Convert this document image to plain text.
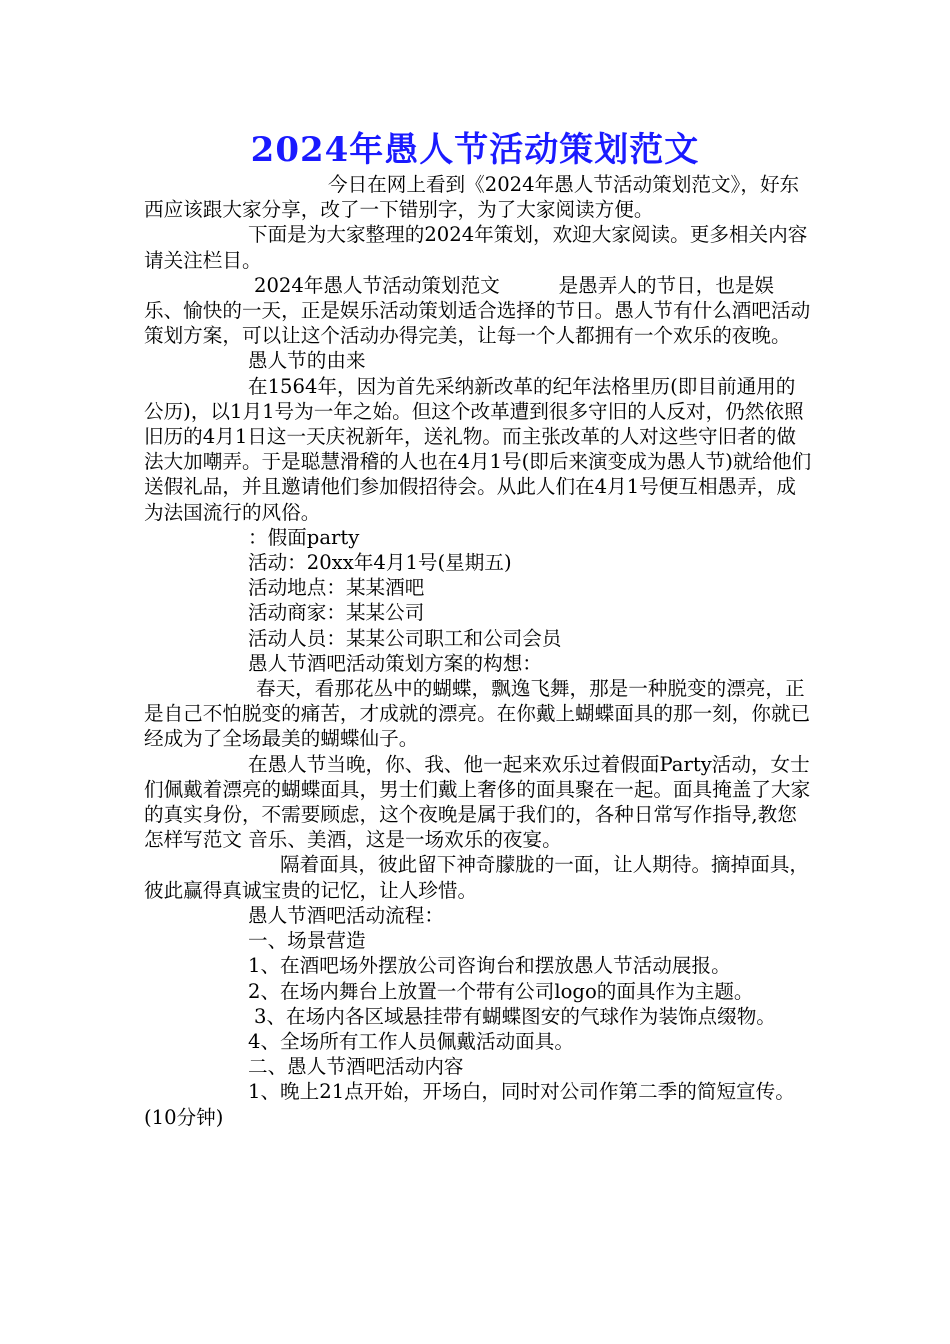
2024年愚人节活动策划范文

今日在网上看到《2024年愚人节活动策划范文》，好东西应该跟大家分享，改了一下错别字，为了大家阅读方便。

下面是为大家整理的2024年策划，欢迎大家阅读。更多相关内容请关注栏目。

2024年愚人节活动策划范文　　　是愚弄人的节日，也是娱乐、愉快的一天，正是娱乐活动策划适合选择的节日。愚人节有什么酒吧活动策划方案，可以让这个活动办得完美，让每一个人都拥有一个欢乐的夜晚。

愚人节的由来

在1564年，因为首先采纳新改革的纪年法格里历(即目前通用的公历)，以1月1号为一年之始。但这个改革遭到很多守旧的人反对，仍然依照旧历的4月1日这一天庆祝新年，送礼物。而主张改革的人对这些守旧者的做法大加嘲弄。于是聪慧滑稽的人也在4月1号(即后来演变成为愚人节)就给他们送假礼品，并且邀请他们参加假招待会。从此人们在4月1号便互相愚弄，成为法国流行的风俗。

：假面party

活动：20xx年4月1号(星期五)

活动地点：某某酒吧

活动商家：某某公司

活动人员：某某公司职工和公司会员

愚人节酒吧活动策划方案的构想：

春天，看那花丛中的蝴蝶，飘逸飞舞，那是一种脱变的漂亮，正是自己不怕脱变的痛苦，才成就的漂亮。在你戴上蝴蝶面具的那一刻，你就已经成为了全场最美的蝴蝶仙子。

在愚人节当晚，你、我、他一起来欢乐过着假面Party活动，女士们佩戴着漂亮的蝴蝶面具，男士们戴上奢侈的面具聚在一起。面具掩盖了大家的真实身份，不需要顾虑，这个夜晚是属于我们的，各种日常写作指导,教您怎样写范文 音乐、美酒，这是一场欢乐的夜宴。

隔着面具，彼此留下神奇朦胧的一面，让人期待。摘掉面具，彼此赢得真诚宝贵的记忆，让人珍惜。

愚人节酒吧活动流程：

一、场景营造

1、在酒吧场外摆放公司咨询台和摆放愚人节活动展报。

2、在场内舞台上放置一个带有公司logo的面具作为主题。

3、在场内各区域悬挂带有蝴蝶图安的气球作为装饰点缀物。

4、全场所有工作人员佩戴活动面具。

二、愚人节酒吧活动内容

1、晚上21点开始，开场白，同时对公司作第二季的简短宣传。(10分钟)
